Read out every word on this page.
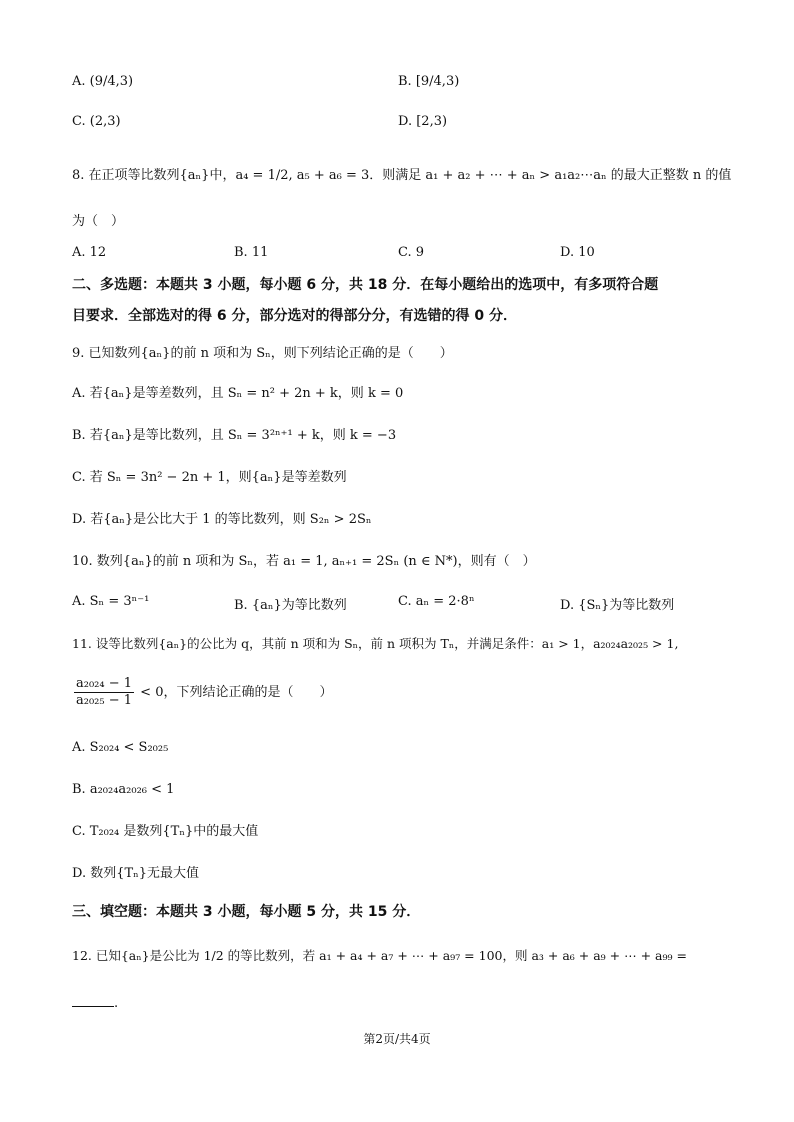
A. (9/4,3)	B. [9/4,3)
C. (2,3)	D. [2,3)
8. 在正项等比数列{aₙ}中，a₄ = 1/2, a₅ + a₆ = 3．则满足 a₁ + a₂ + ⋯ + aₙ > a₁a₂⋯aₙ 的最大正整数 n 的值
为（　）
A. 12	B. 11	C. 9	D. 10
二、多选题：本题共 3 小题，每小题 6 分，共 18 分．在每小题给出的选项中，有多项符合题
目要求．全部选对的得 6 分，部分选对的得部分分，有选错的得 0 分．
9. 已知数列{aₙ}的前 n 项和为 Sₙ，则下列结论正确的是（　　）
A. 若{aₙ}是等差数列，且 Sₙ = n² + 2n + k，则 k = 0
B. 若{aₙ}是等比数列，且 Sₙ = 3²ⁿ⁺¹ + k，则 k = −3
C. 若 Sₙ = 3n² − 2n + 1，则{aₙ}是等差数列
D. 若{aₙ}是公比大于 1 的等比数列，则 S₂ₙ > 2Sₙ
10. 数列{aₙ}的前 n 项和为 Sₙ，若 a₁ = 1, aₙ₊₁ = 2Sₙ (n ∈ N*)，则有（　）
A. Sₙ = 3ⁿ⁻¹	B. {aₙ}为等比数列	C. aₙ = 2·8ⁿ	D. {Sₙ}为等比数列
11. 设等比数列{aₙ}的公比为 q，其前 n 项和为 Sₙ，前 n 项积为 Tₙ，并满足条件：a₁ > 1，a₂₀₂₄a₂₀₂₅ > 1,
$\frac{\text{a₂₀₂₄ − 1}}{\text{a₂₀₂₅ − 1}} < 0$，下列结论正确的是（　　）
A. S₂₀₂₄ < S₂₀₂₅
B. a₂₀₂₄a₂₀₂₆ < 1
C. T₂₀₂₄ 是数列{Tₙ}中的最大值
D. 数列{Tₙ}无最大值
三、填空题：本题共 3 小题，每小题 5 分，共 15 分．
12. 已知{aₙ}是公比为 1/2 的等比数列，若 a₁ + a₄ + a₇ + ⋯ + a₉₇ = 100，则 a₃ + a₆ + a₉ + ⋯ + a₉₉ =
.
第2页/共4页
